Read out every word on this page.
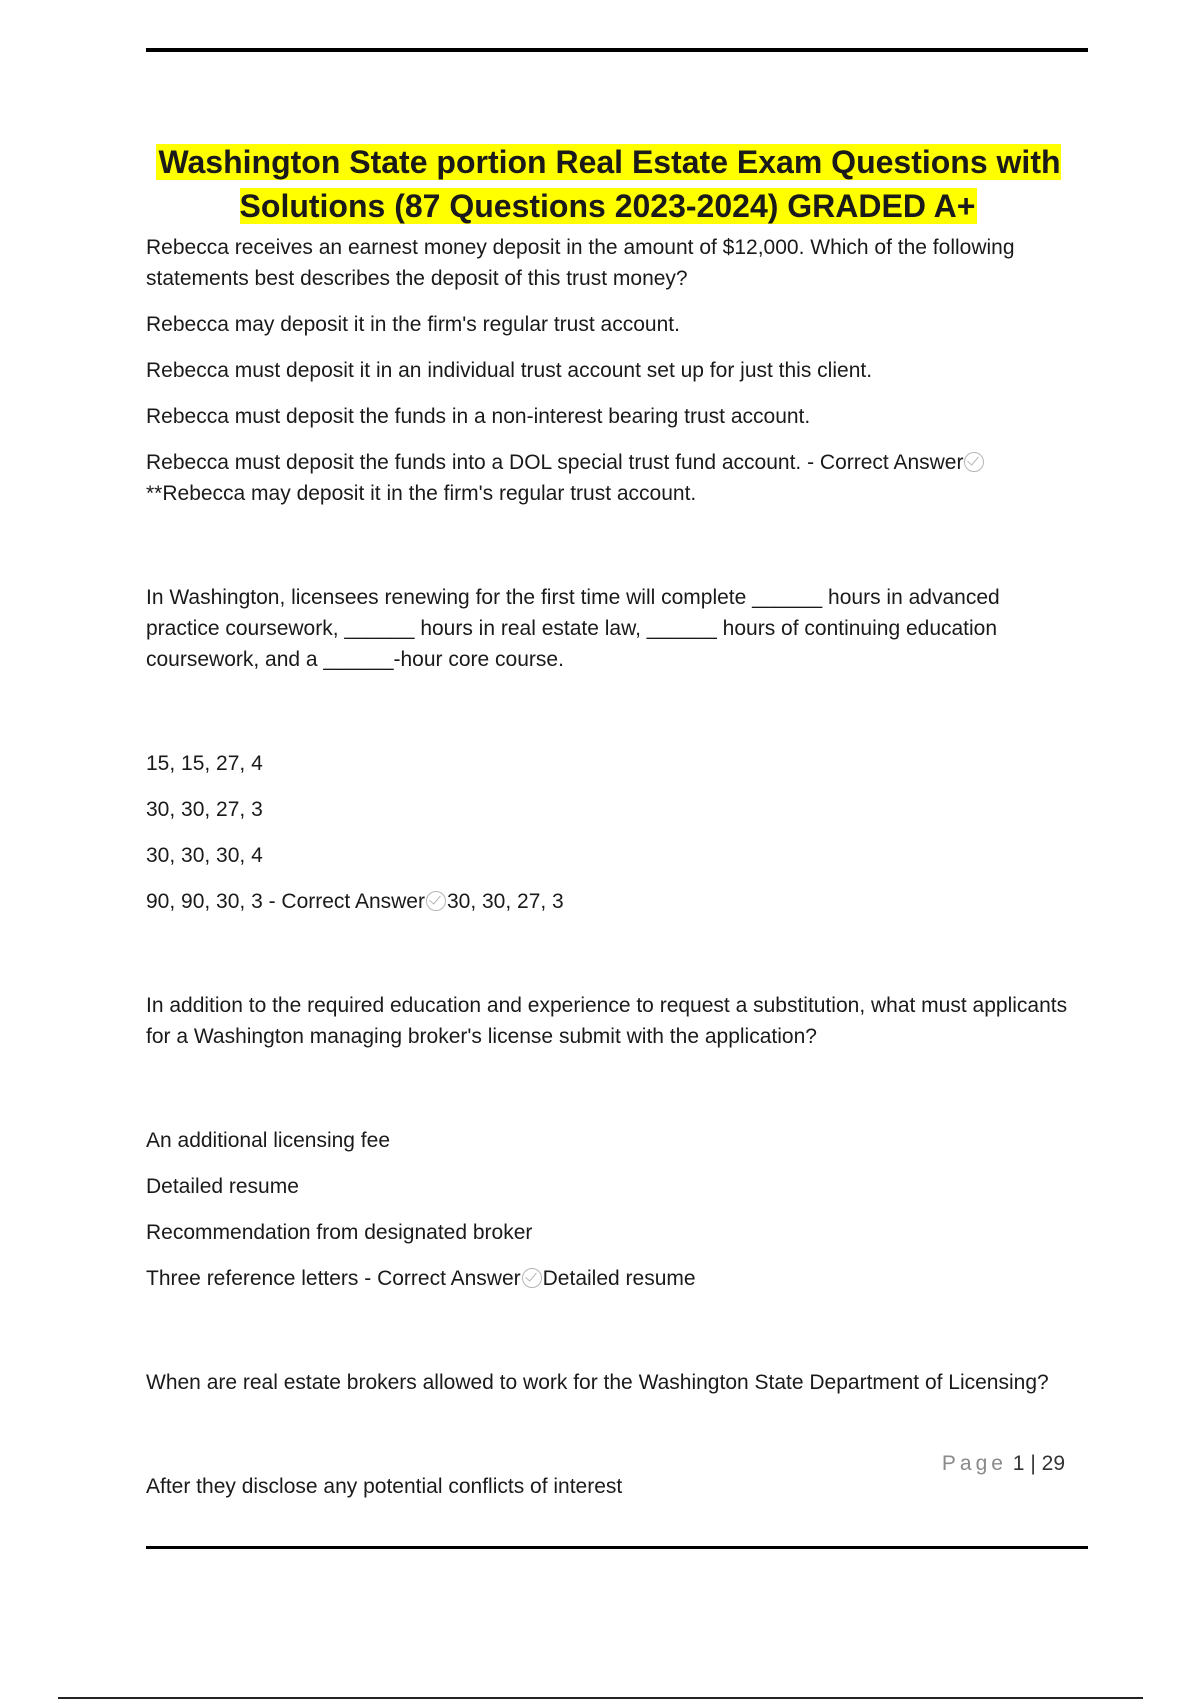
Washington State portion Real Estate Exam Questions with Solutions (87 Questions 2023-2024) GRADED A+

Rebecca receives an earnest money deposit in the amount of $12,000. Which of the following statements best describes the deposit of this trust money?

Rebecca may deposit it in the firm's regular trust account.

Rebecca must deposit it in an individual trust account set up for just this client.

Rebecca must deposit the funds in a non-interest bearing trust account.

Rebecca must deposit the funds into a DOL special trust fund account. - Correct Answer**Rebecca may deposit it in the firm's regular trust account.

In Washington, licensees renewing for the first time will complete ______ hours in advanced practice coursework, ______ hours in real estate law, ______ hours of continuing education coursework, and a ______-hour core course.

15, 15, 27, 4

30, 30, 27, 3

30, 30, 30, 4

90, 90, 30, 3 - Correct Answer 30, 30, 27, 3

In addition to the required education and experience to request a substitution, what must applicants for a Washington managing broker's license submit with the application?

An additional licensing fee

Detailed resume

Recommendation from designated broker

Three reference letters - Correct Answer Detailed resume

When are real estate brokers allowed to work for the Washington State Department of Licensing?

After they disclose any potential conflicts of interest

Page 1 | 29
